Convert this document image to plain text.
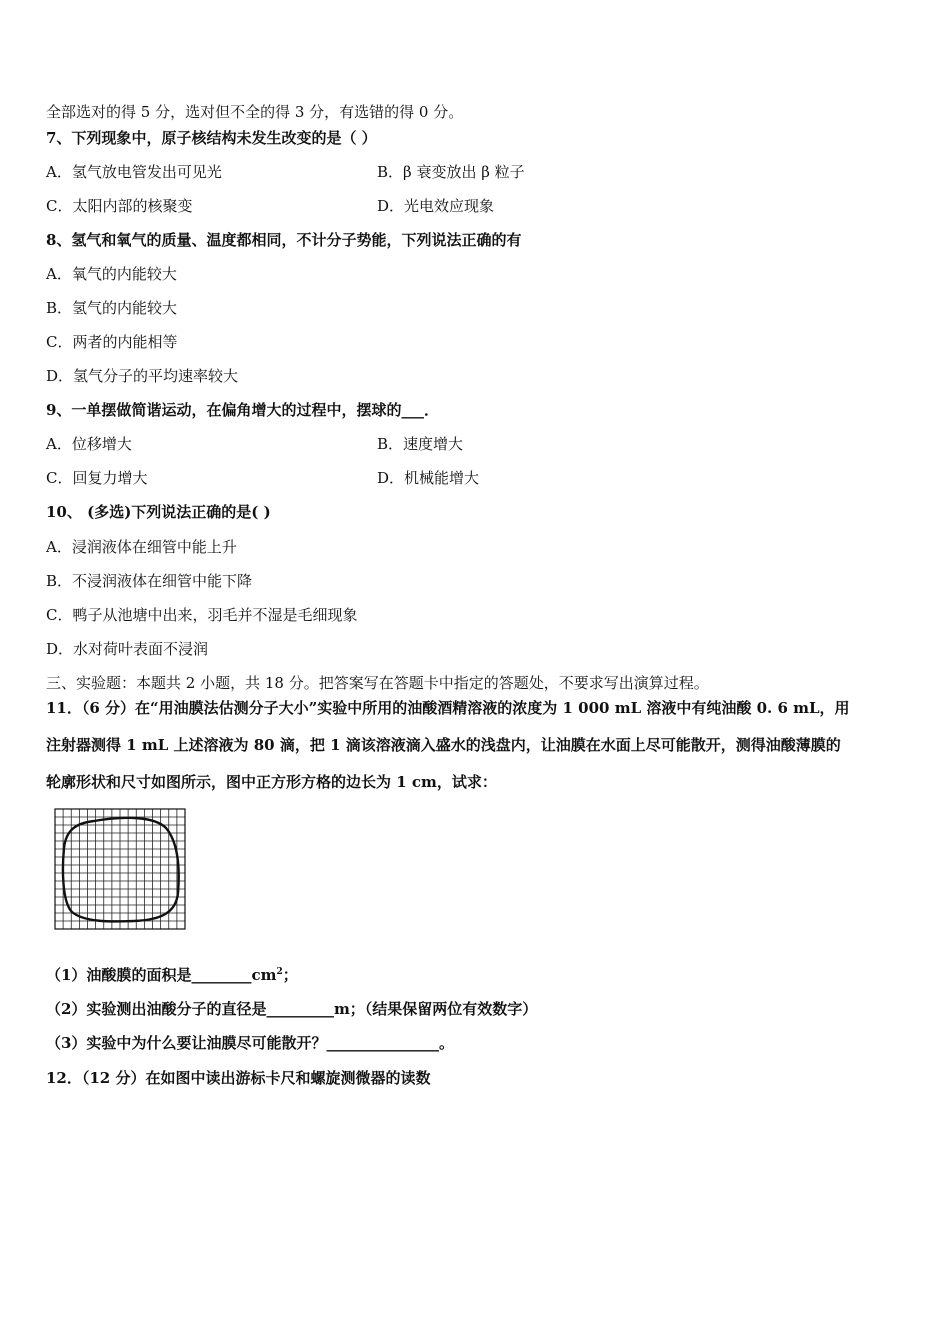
全部选对的得 5 分，选对但不全的得 3 分，有选错的得 0 分。
7、下列现象中，原子核结构未发生改变的是（ ）
A．氢气放电管发出可见光	B．β 衰变放出 β 粒子
C．太阳内部的核聚变	D．光电效应现象
8、氢气和氧气的质量、温度都相同，不计分子势能，下列说法正确的有
A．氧气的内能较大
B．氢气的内能较大
C．两者的内能相等
D．氢气分子的平均速率较大
9、一单摆做简谐运动，在偏角增大的过程中，摆球的___．
A．位移增大	B．速度增大
C．回复力增大	D．机械能增大
10、 (多选)下列说法正确的是( )
A．浸润液体在细管中能上升
B．不浸润液体在细管中能下降
C．鸭子从池塘中出来，羽毛并不湿是毛细现象
D．水对荷叶表面不浸润
三、实验题：本题共 2 小题，共 18 分。把答案写在答题卡中指定的答题处，不要求写出演算过程。
11．（6 分）在“用油膜法估测分子大小”实验中所用的油酸酒精溶液的浓度为 1 000 mL 溶液中有纯油酸 0. 6 mL，用
注射器测得 1 mL 上述溶液为 80 滴，把 1 滴该溶液滴入盛水的浅盘内，让油膜在水面上尽可能散开，测得油酸薄膜的
轮廓形状和尺寸如图所示，图中正方形方格的边长为 1 cm，试求：
（1）油酸膜的面积是$\_\_\_\_\_\_\_\_cm^2$；
（2）实验测出油酸分子的直径是_________m；（结果保留两位有效数字）
（3）实验中为什么要让油膜尽可能散开？_______________。
12．（12 分）在如图中读出游标卡尺和螺旋测微器的读数
